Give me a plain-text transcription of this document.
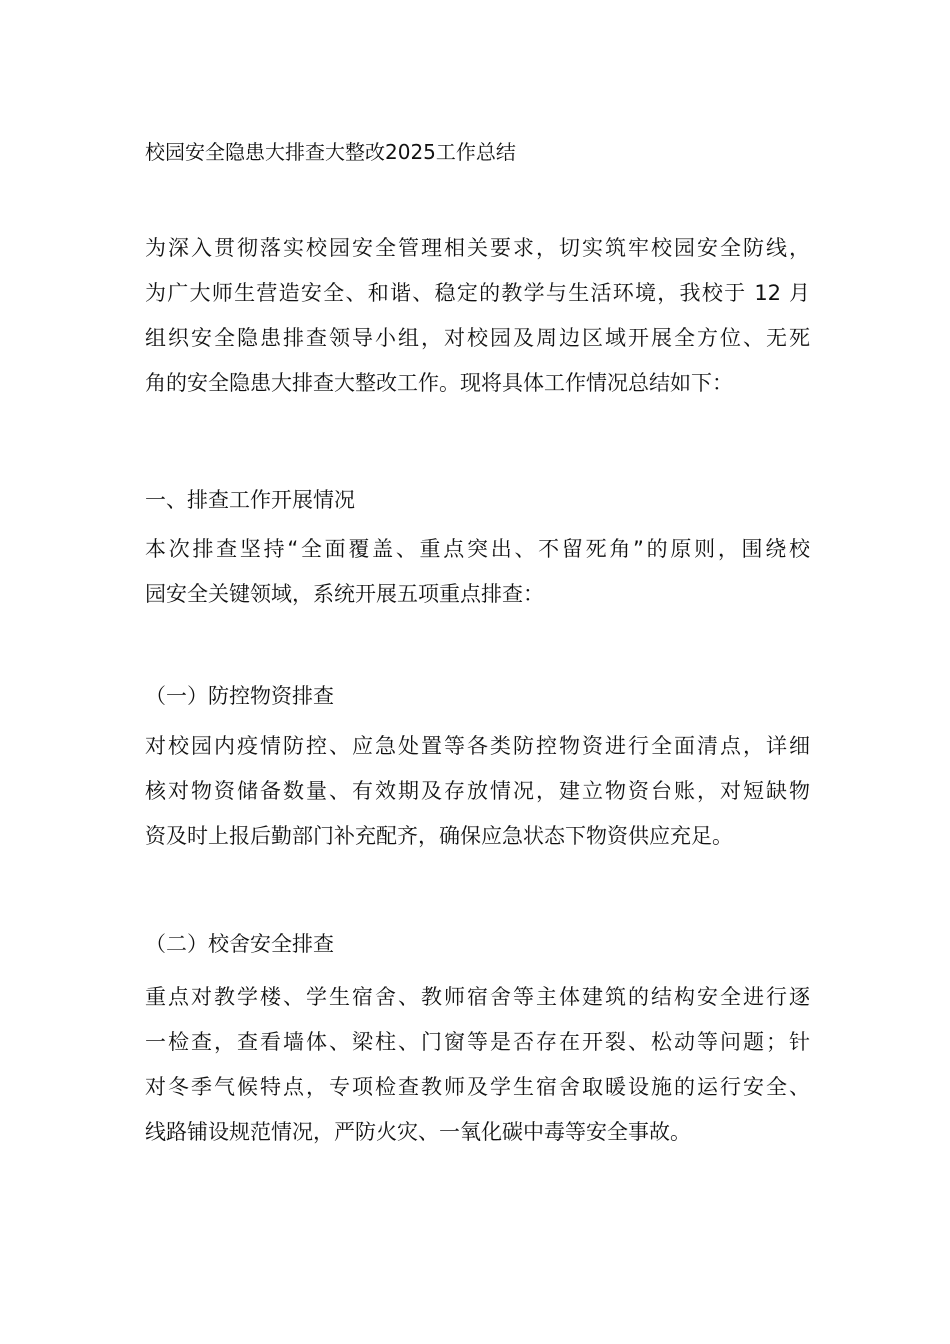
校园安全隐患大排查大整改2025工作总结
为深入贯彻落实校园安全管理相关要求，切实筑牢校园安全防线，
为广大师生营造安全、和谐、稳定的教学与生活环境，我校于 12 月
组织安全隐患排查领导小组，对校园及周边区域开展全方位、无死
角的安全隐患大排查大整改工作。现将具体工作情况总结如下：
一、排查工作开展情况
本次排查坚持“全面覆盖、重点突出、不留死角”的原则，围绕校
园安全关键领域，系统开展五项重点排查：
（一）防控物资排查
对校园内疫情防控、应急处置等各类防控物资进行全面清点，详细
核对物资储备数量、有效期及存放情况，建立物资台账，对短缺物
资及时上报后勤部门补充配齐，确保应急状态下物资供应充足。
（二）校舍安全排查
重点对教学楼、学生宿舍、教师宿舍等主体建筑的结构安全进行逐
一检查，查看墙体、梁柱、门窗等是否存在开裂、松动等问题；针
对冬季气候特点，专项检查教师及学生宿舍取暖设施的运行安全、
线路铺设规范情况，严防火灾、一氧化碳中毒等安全事故。
